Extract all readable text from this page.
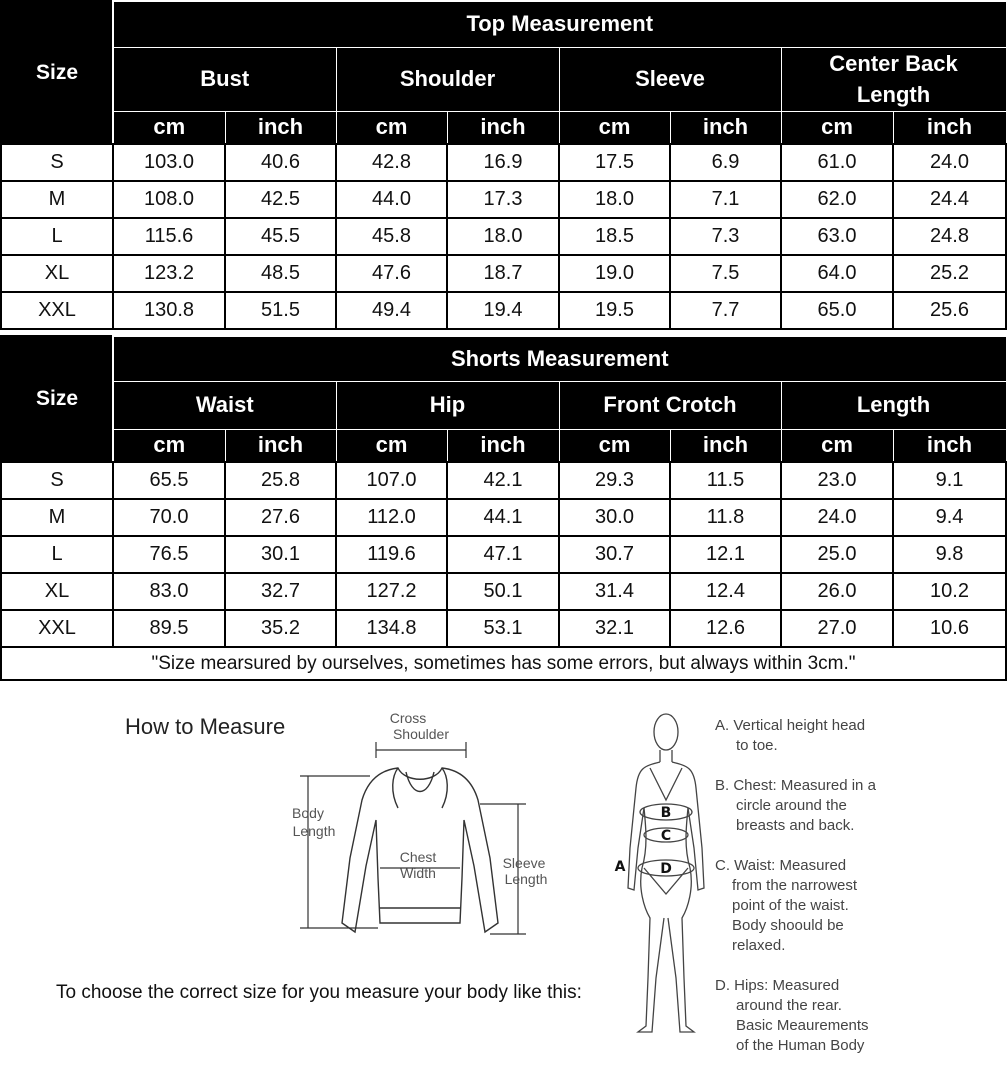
Size	Top Measurement							
	Bust		Shoulder		Sleeve		Center Back Length	
	cm	inch	cm	inch	cm	inch	cm	inch
S	103.0	40.6	42.8	16.9	17.5	6.9	61.0	24.0
M	108.0	42.5	44.0	17.3	18.0	7.1	62.0	24.4
L	115.6	45.5	45.8	18.0	18.5	7.3	63.0	24.8
XL	123.2	48.5	47.6	18.7	19.0	7.5	64.0	25.2
XXL	130.8	51.5	49.4	19.4	19.5	7.7	65.0	25.6
Size	Shorts Measurement							
	Waist		Hip		Front Crotch		Length	
	cm	inch	cm	inch	cm	inch	cm	inch
S	65.5	25.8	107.0	42.1	29.3	11.5	23.0	9.1
M	70.0	27.6	112.0	44.1	30.0	11.8	24.0	9.4
L	76.5	30.1	119.6	47.1	30.7	12.1	25.0	9.8
XL	83.0	32.7	127.2	50.1	31.4	12.4	26.0	10.2
XXL	89.5	35.2	134.8	53.1	32.1	12.6	27.0	10.6
"Size mearsured by ourselves, sometimes has some errors, but always within 3cm."								
How to Measure	Cross
Shoulder
Body
Length
Chest
Width
Sleeve
Length
To choose the correct size for you measure your body like this:
B
C
D
A
A. Vertical height head
to toe.
B. Chest: Measured in a
circle around the
breasts and back.
C. Waist: Measured
from the narrowest
point of the waist.
Body shoould be
relaxed.
D. Hips: Measured
around the rear.
Basic Meaurements
of the Human Body
